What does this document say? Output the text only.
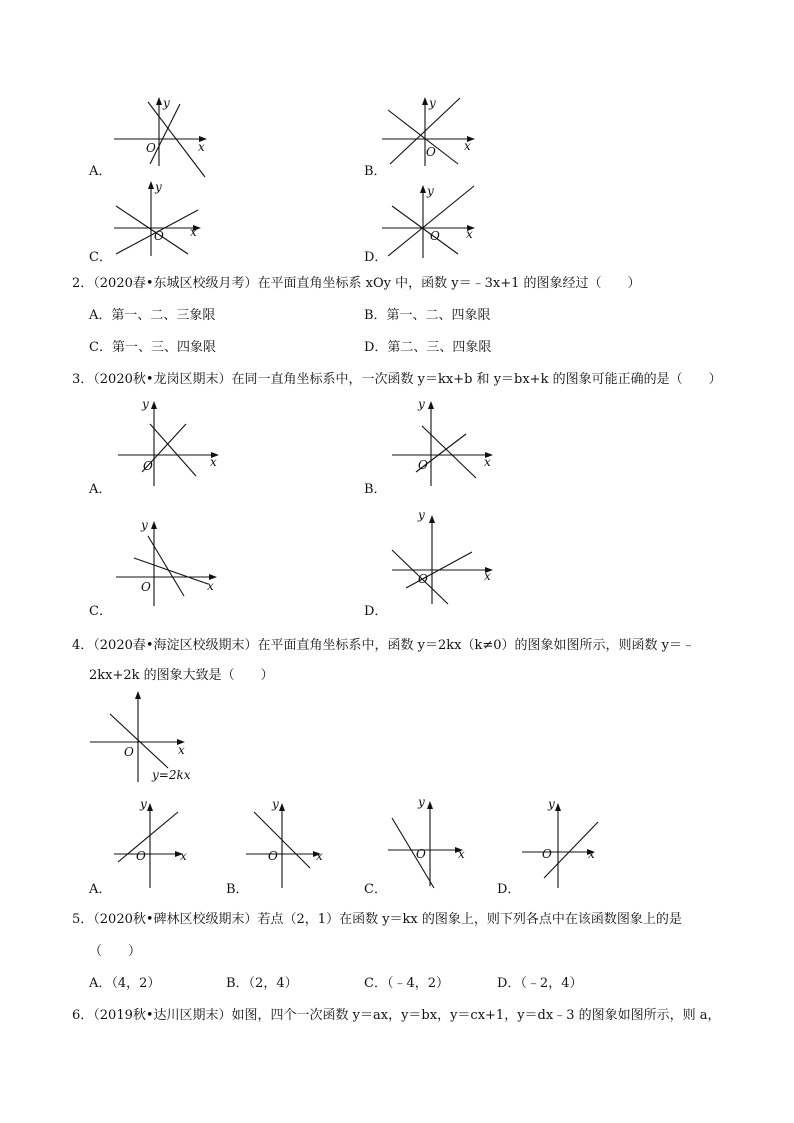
A．
y
x
O
B．
y
x
O
C．
y
x
O
D．
y
x
O
2．（2020春•东城区校级月考）在平面直角坐标系 xOy 中，函数 y＝﹣3x+1 的图象经过（　　）
A．第一、二、三象限	B．第一、二、四象限
C．第一、三、四象限	D．第二、三、四象限
3．（2020秋•龙岗区期末）在同一直角坐标系中，一次函数 y＝kx+b 和 y＝bx+k 的图象可能正确的是（　　）
A．
y
x
O
B．
y
x
O
C．
y
x
O
D．
y
x
O
4．（2020春•海淀区校级期末）在平面直角坐标系中，函数 y＝2kx（k≠0）的图象如图所示，则函数 y＝﹣
2kx+2k 的图象大致是（　　）
x
O
y=2kx
A．
y
x
O
B．
y
x
O
C．
y
x
O
D．
y
x
O
5．（2020秋•碑林区校级期末）若点（2，1）在函数 y＝kx 的图象上，则下列各点中在该函数图象上的是
（　　）
A．（4，2）	B．（2，4）	C．（﹣4，2）	D．（﹣2，4）
6．（2019秋•达川区期末）如图，四个一次函数 y＝ax，y＝bx，y＝cx+1，y＝dx﹣3 的图象如图所示，则 a，
